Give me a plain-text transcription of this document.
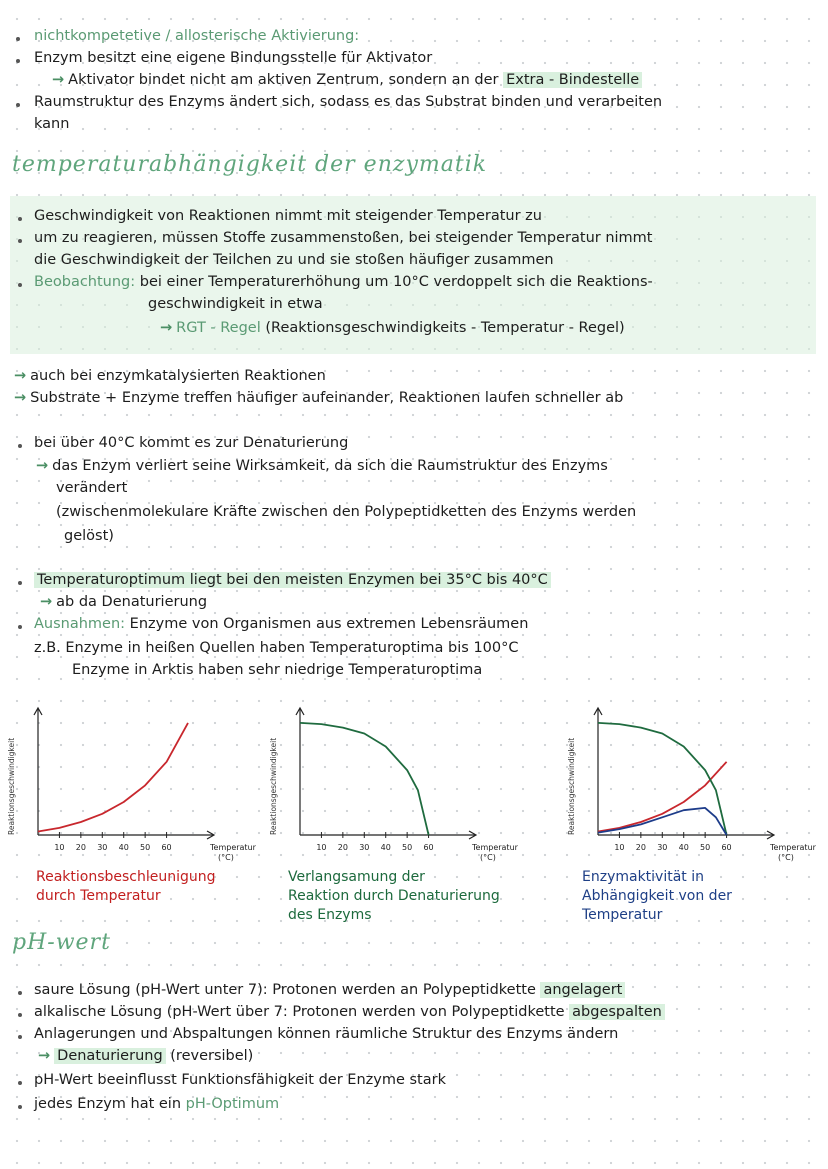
nichtkompetetive / allosterische Aktivierung:
Enzym besitzt eine eigene Bindungsstelle für Aktivator
→ Aktivator bindet nicht am aktiven Zentrum, sondern an der Extra - Bindestelle
Raumstruktur des Enzyms ändert sich, sodass es das Substrat binden und verarbeiten
kann
temperaturabhängigkeit der enzymatik
Geschwindigkeit von Reaktionen nimmt mit steigender Temperatur zu
um zu reagieren, müssen Stoffe zusammenstoßen, bei steigender Temperatur nimmt
die Geschwindigkeit der Teilchen zu und sie stoßen häufiger zusammen
Beobachtung: bei einer Temperaturerhöhung um 10°C verdoppelt sich die Reaktions-
geschwindigkeit in etwa
→ RGT - Regel (Reaktionsgeschwindigkeits - Temperatur - Regel)
→ auch bei enzymkatalysierten Reaktionen
→ Substrate + Enzyme treffen häufiger aufeinander, Reaktionen laufen schneller ab
bei über 40°C kommt es zur Denaturierung
→ das Enzym verliert seine Wirksamkeit, da sich die Raumstruktur des Enzyms
verändert
(zwischenmolekulare Kräfte zwischen den Polypeptidketten des Enzyms werden
gelöst)
Temperaturoptimum liegt bei den meisten Enzymen bei 35°C bis 40°C
→ ab da Denaturierung
Ausnahmen: Enzyme von Organismen aus extremen Lebensräumen
z.B. Enzyme in heißen Quellen haben Temperaturoptima bis 100°C
Enzyme in Arktis haben sehr niedrige Temperaturoptima
Reaktionsgeschwindigkeit
Temperatur
(°C)
10 20 30 40 50 60
Reaktionsgeschwindigkeit
Temperatur
(°C)
10 20 30 40 50 60
Reaktionsgeschwindigkeit
Temperatur
(°C)
10 20 30 40 50 60
Reaktionsbeschleunigung
durch Temperatur
Verlangsamung der
Reaktion durch Denaturierung
des Enzyms
Enzymaktivität in
Abhängigkeit von der
Temperatur
pH-wert
saure Lösung (pH-Wert unter 7): Protonen werden an Polypeptidkette angelagert
alkalische Lösung (pH-Wert über 7: Protonen werden von Polypeptidkette abgespalten
Anlagerungen und Abspaltungen können räumliche Struktur des Enzyms ändern
→ Denaturierung (reversibel)
pH-Wert beeinflusst Funktionsfähigkeit der Enzyme stark
jedes Enzym hat ein pH-Optimum
